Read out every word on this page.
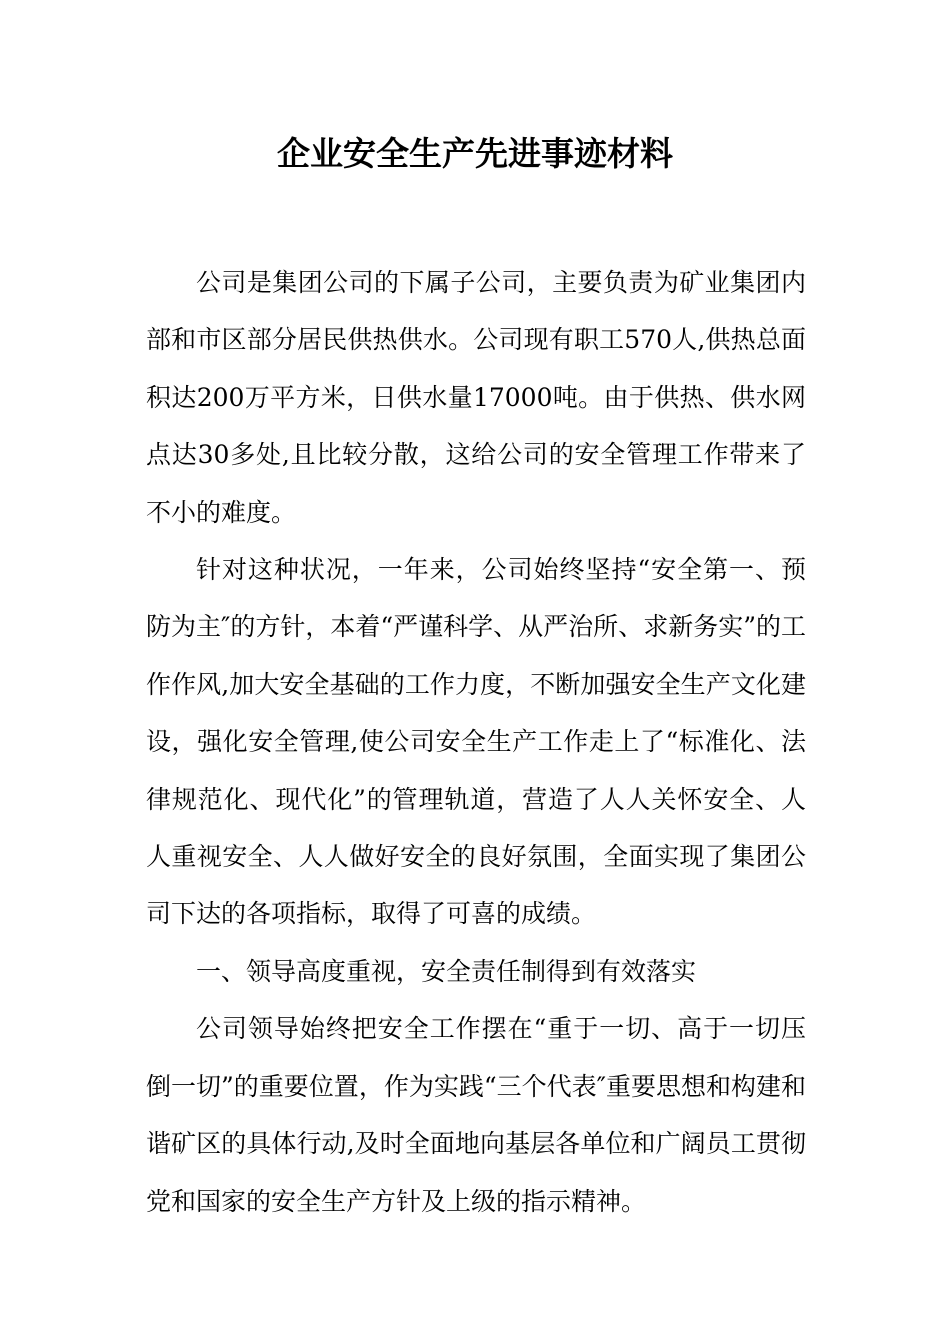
企业安全生产先进事迹材料

公司是集团公司的下属子公司，主要负责为矿业集团内部和市区部分居民供热供水。公司现有职工570人,供热总面积达200万平方米，日供水量17000吨。由于供热、供水网点达30多处,且比较分散，这给公司的安全管理工作带来了不小的难度。

针对这种状况，一年来，公司始终坚持“安全第一、预防为主″的方针，本着“严谨科学、从严治所、求新务实”的工作作风,加大安全基础的工作力度，不断加强安全生产文化建设，强化安全管理,使公司安全生产工作走上了“标准化、法律规范化、现代化”的管理轨道，营造了人人关怀安全、人人重视安全、人人做好安全的良好氛围，全面实现了集团公司下达的各项指标，取得了可喜的成绩。

一、领导高度重视，安全责任制得到有效落实

公司领导始终把安全工作摆在“重于一切、高于一切压倒一切”的重要位置，作为实践“三个代表″重要思想和构建和谐矿区的具体行动,及时全面地向基层各单位和广阔员工贯彻党和国家的安全生产方针及上级的指示精神。
